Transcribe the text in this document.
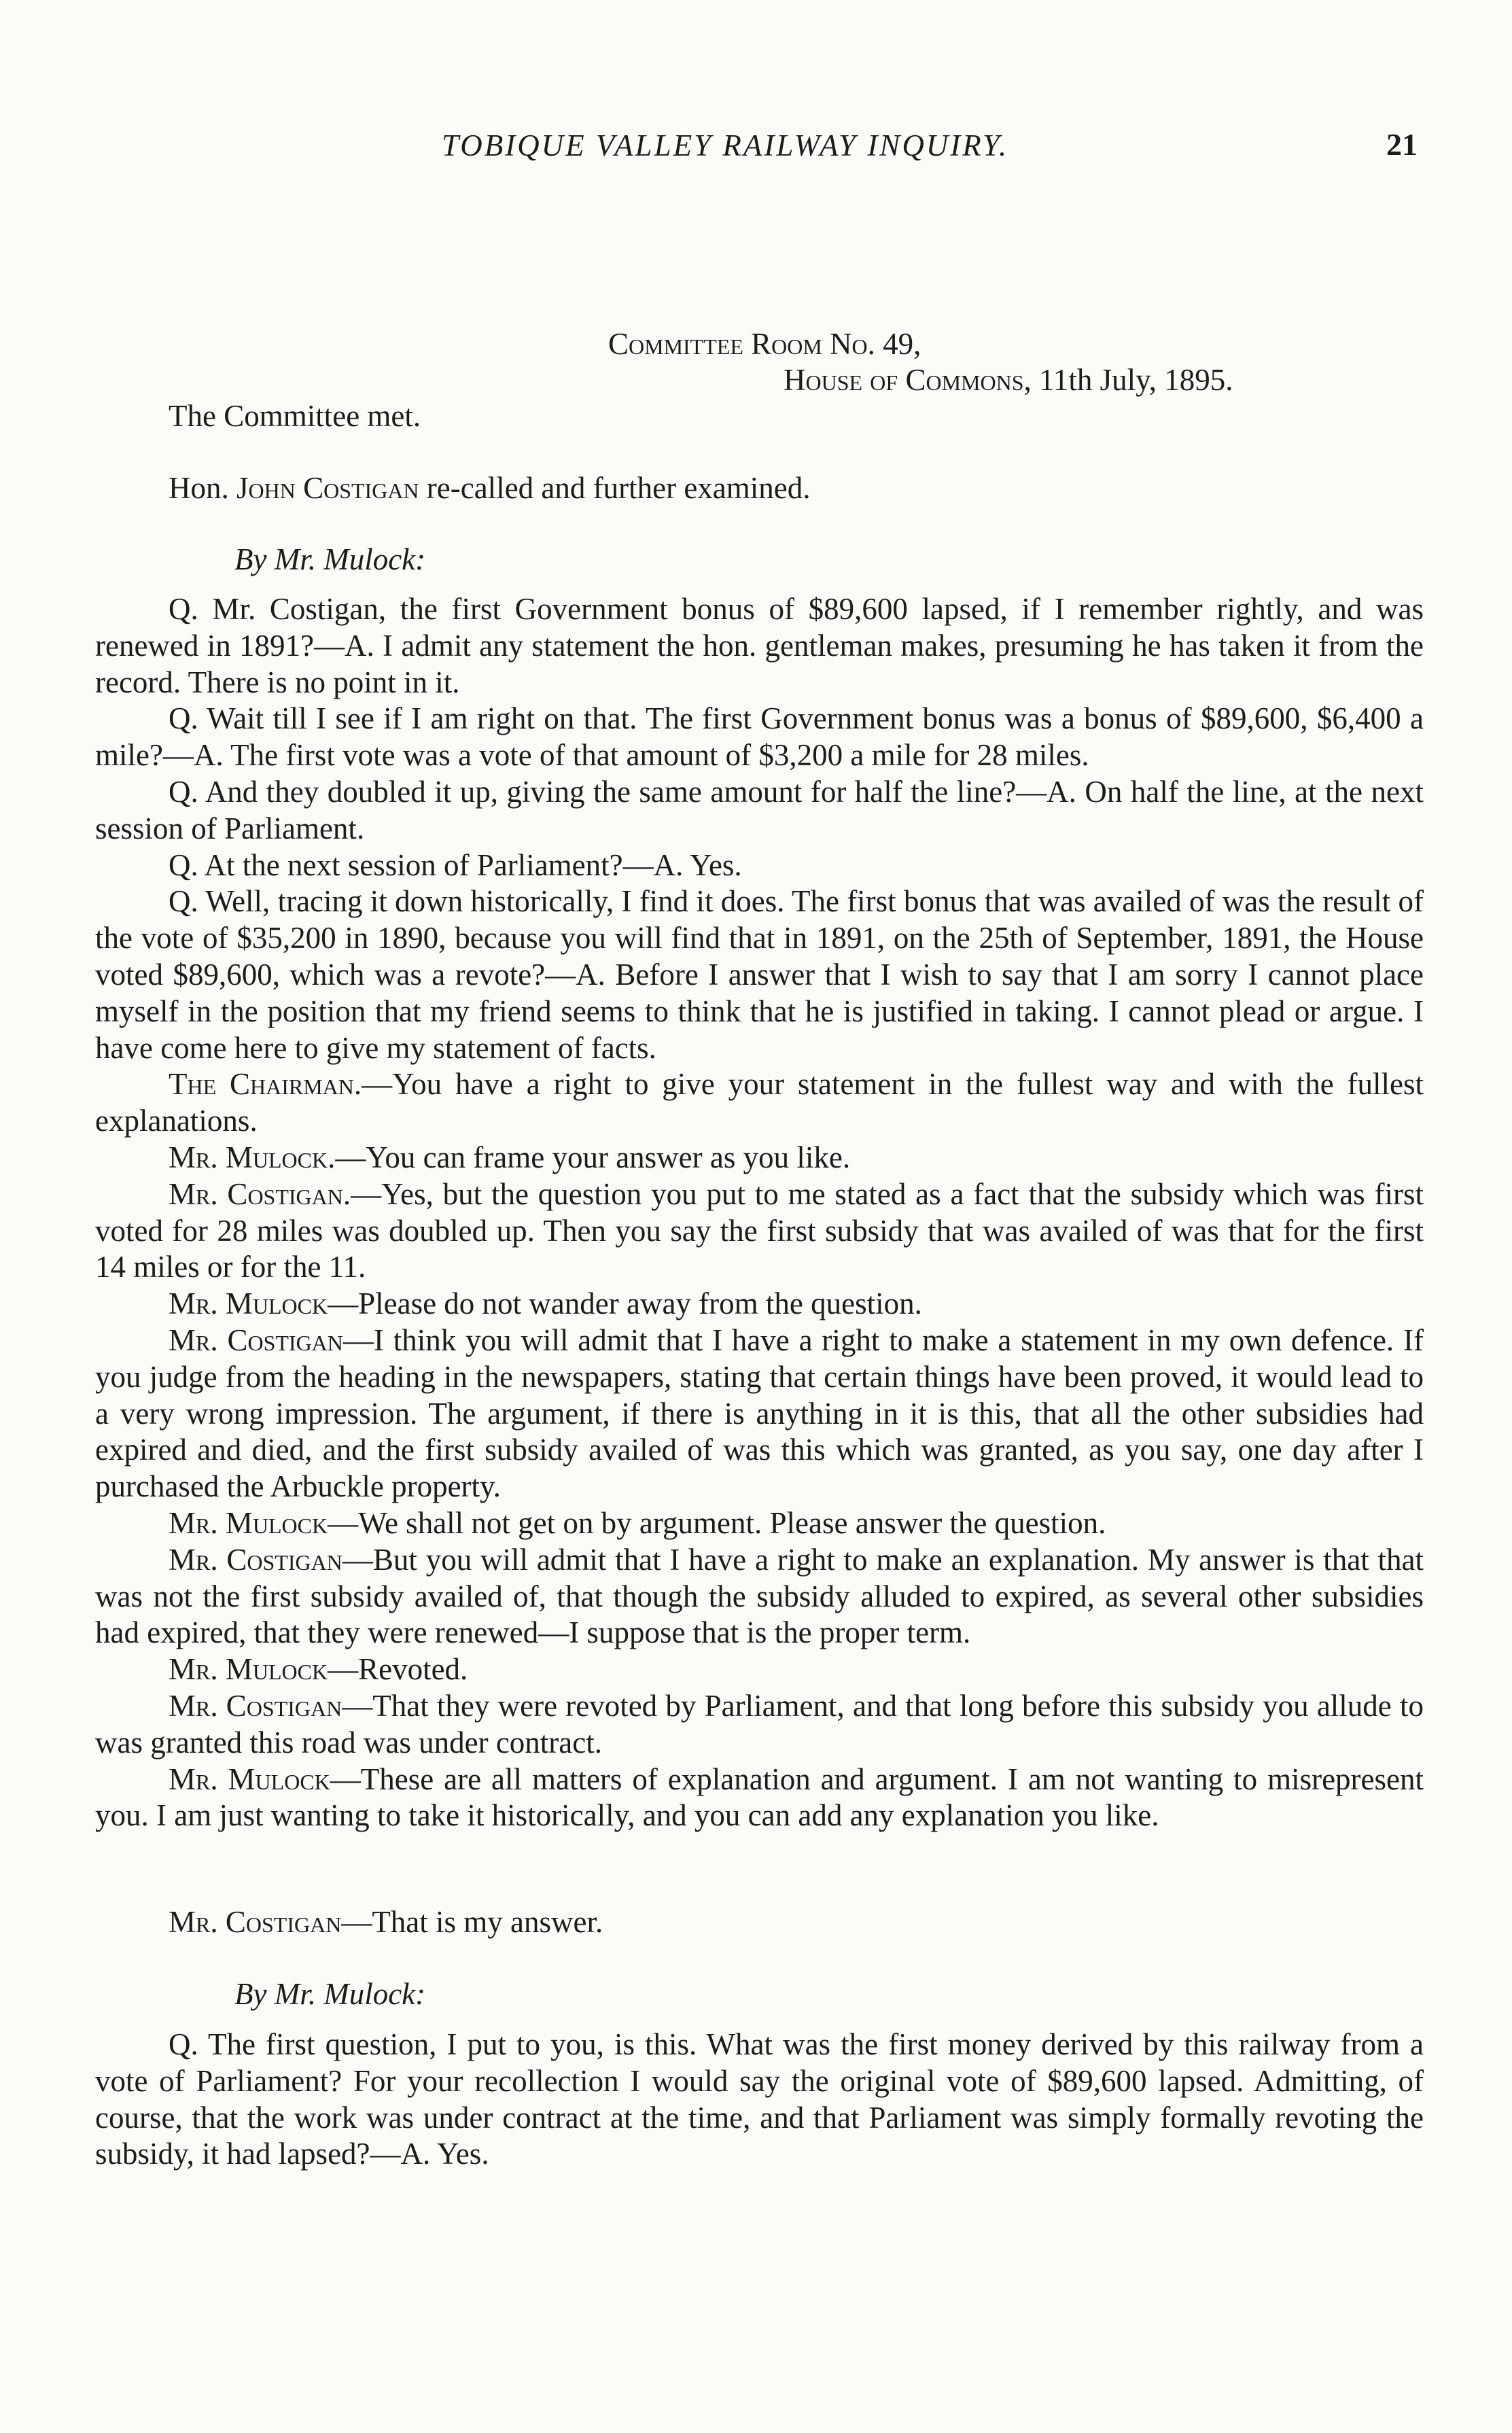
TOBIQUE VALLEY RAILWAY INQUIRY.	21
Committee Room No. 49,
House of Commons, 11th July, 1895.
The Committee met.
Hon. John Costigan re-called and further examined.
By Mr. Mulock:

Q. Mr. Costigan, the first Government bonus of $89,600 lapsed, if I remember rightly, and was renewed in 1891?—A. I admit any statement the hon. gentleman makes, presuming he has taken it from the record. There is no point in it.

Q. Wait till I see if I am right on that. The first Government bonus was a bonus of $89,600, $6,400 a mile?—A. The first vote was a vote of that amount of $3,200 a mile for 28 miles.

Q. And they doubled it up, giving the same amount for half the line?—A. On half the line, at the next session of Parliament.

Q. At the next session of Parliament?—A. Yes.

Q. Well, tracing it down historically, I find it does. The first bonus that was availed of was the result of the vote of $35,200 in 1890, because you will find that in 1891, on the 25th of September, 1891, the House voted $89,600, which was a revote?—A. Before I answer that I wish to say that I am sorry I cannot place myself in the position that my friend seems to think that he is justified in taking. I cannot plead or argue. I have come here to give my statement of facts.

The Chairman.—You have a right to give your statement in the fullest way and with the fullest explanations.

Mr. Mulock.—You can frame your answer as you like.

Mr. Costigan.—Yes, but the question you put to me stated as a fact that the subsidy which was first voted for 28 miles was doubled up. Then you say the first subsidy that was availed of was that for the first 14 miles or for the 11.

Mr. Mulock—Please do not wander away from the question.

Mr. Costigan—I think you will admit that I have a right to make a statement in my own defence. If you judge from the heading in the newspapers, stating that certain things have been proved, it would lead to a very wrong impression. The argument, if there is anything in it is this, that all the other subsidies had expired and died, and the first subsidy availed of was this which was granted, as you say, one day after I purchased the Arbuckle property.

Mr. Mulock—We shall not get on by argument. Please answer the question.

Mr. Costigan—But you will admit that I have a right to make an explanation. My answer is that that was not the first subsidy availed of, that though the subsidy alluded to expired, as several other subsidies had expired, that they were renewed—I suppose that is the proper term.

Mr. Mulock—Revoted.

Mr. Costigan—That they were revoted by Parliament, and that long before this subsidy you allude to was granted this road was under contract.

Mr. Mulock—These are all matters of explanation and argument. I am not wanting to misrepresent you. I am just wanting to take it historically, and you can add any explanation you like.

Mr. Costigan—That is my answer.
By Mr. Mulock:

Q. The first question, I put to you, is this. What was the first money derived by this railway from a vote of Parliament? For your recollection I would say the original vote of $89,600 lapsed. Admitting, of course, that the work was under contract at the time, and that Parliament was simply formally revoting the subsidy, it had lapsed?—A. Yes.
